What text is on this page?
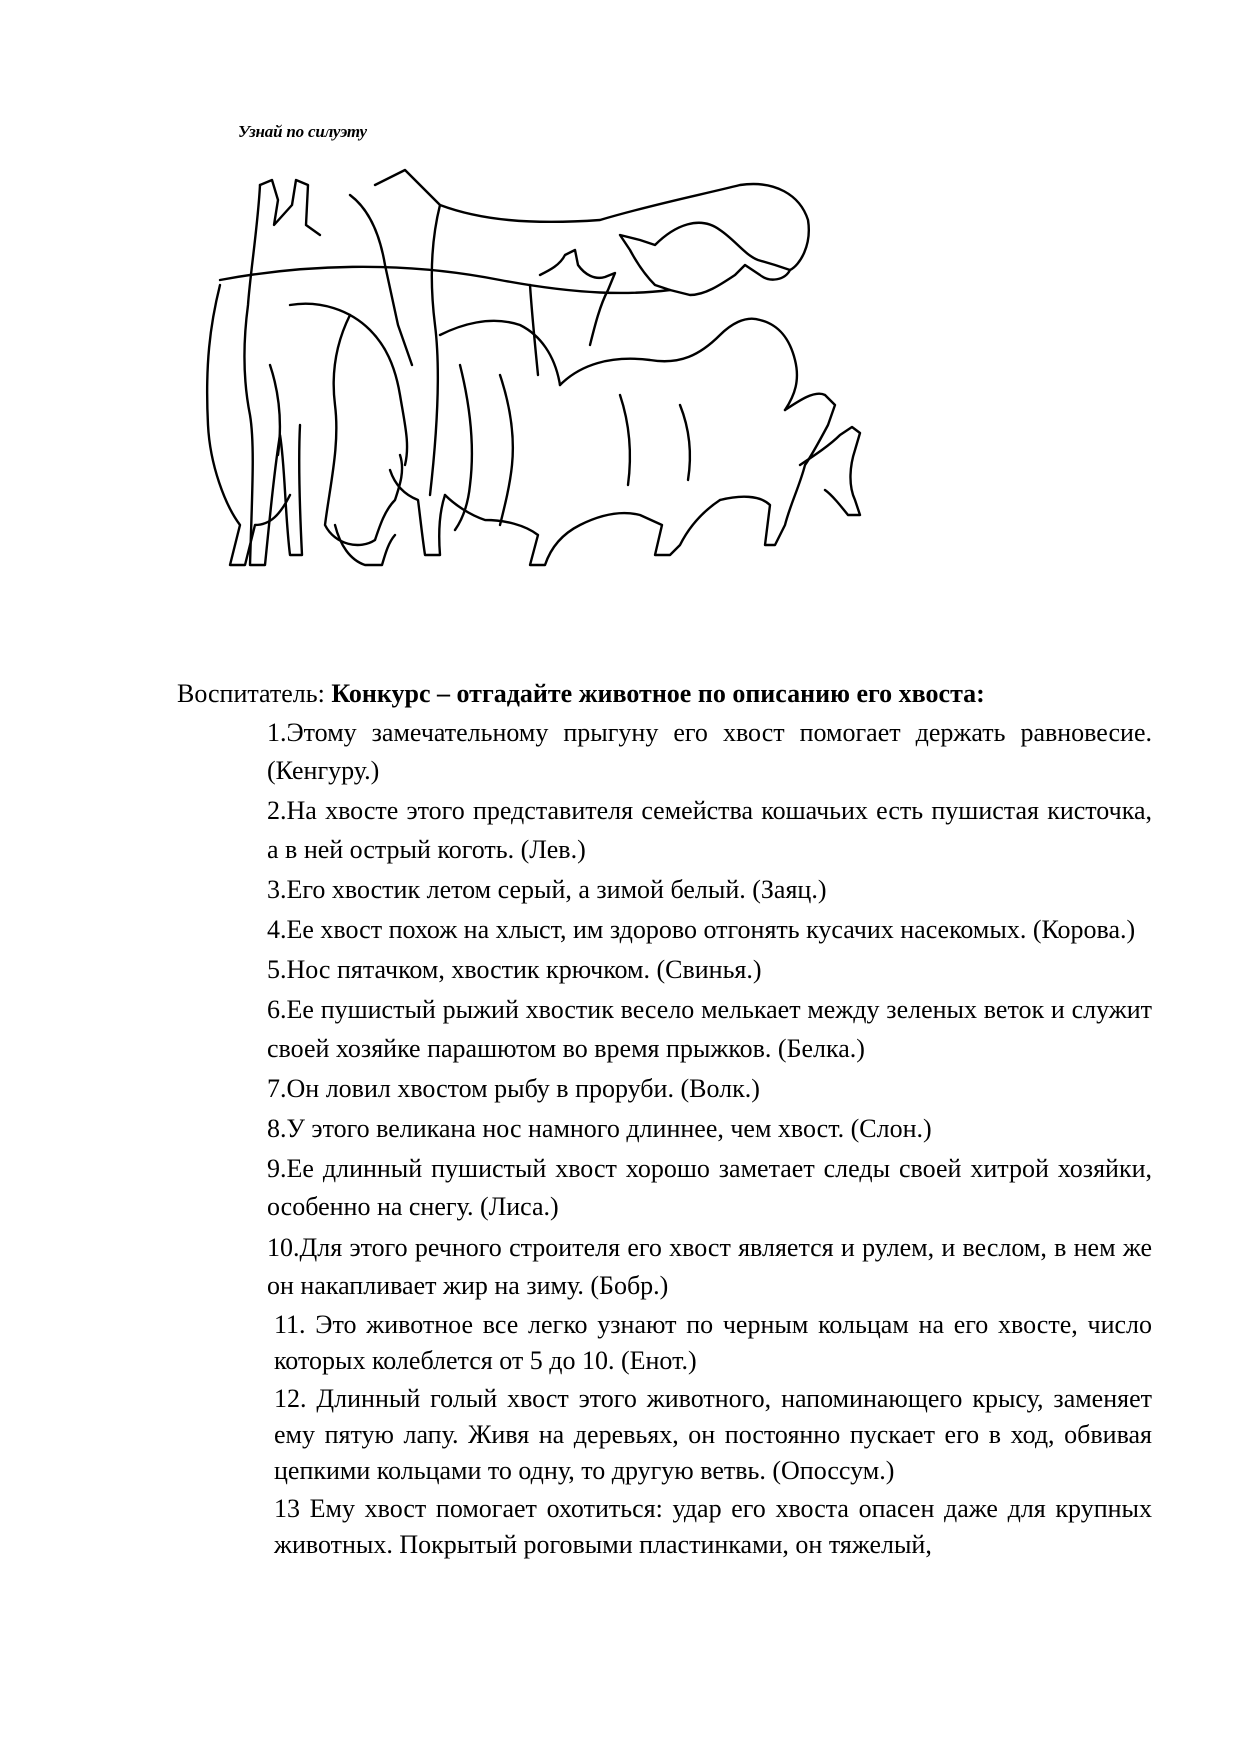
Узнай по силуэту
Воспитатель: Конкурс – отгадайте животное по описанию его хвоста:

1.Этому замечательному прыгуну его хвост помогает держать равновесие. (Кенгуру.)

2.На хвосте этого представителя семейства кошачьих есть пушистая кисточка, а в ней острый коготь. (Лев.)

3.Его хвостик летом серый, а зимой белый. (Заяц.)

4.Ее хвост похож на хлыст, им здорово отгонять кусачих насекомых. (Корова.)

5.Нос пятачком, хвостик крючком. (Свинья.)

6.Ее пушистый рыжий хвостик весело мелькает между зеленых веток и служит своей хозяйке парашютом во время прыжков. (Белка.)

7.Он ловил хвостом рыбу в проруби. (Волк.)

8.У этого великана нос намного длиннее, чем хвост. (Слон.)

9.Ее длинный пушистый хвост хорошо заметает следы своей хитрой хозяйки, особенно на снегу. (Лиса.)

10.Для этого речного строителя его хвост является и рулем, и веслом, в нем же он накапливает жир на зиму. (Бобр.)

11. Это животное все легко узнают по черным кольцам на его хвосте, число которых колеблется от 5 до 10. (Енот.)

12. Длинный голый хвост этого животного, напоминающего крысу, заменяет ему пятую лапу. Живя на деревьях, он постоянно пускает его в ход, обвивая цепкими кольцами то одну, то другую ветвь. (Опоссум.)

13 Ему хвост помогает охотиться: удар его хвоста опасен даже для крупных животных. Покрытый роговыми пластинками, он тяжелый,
